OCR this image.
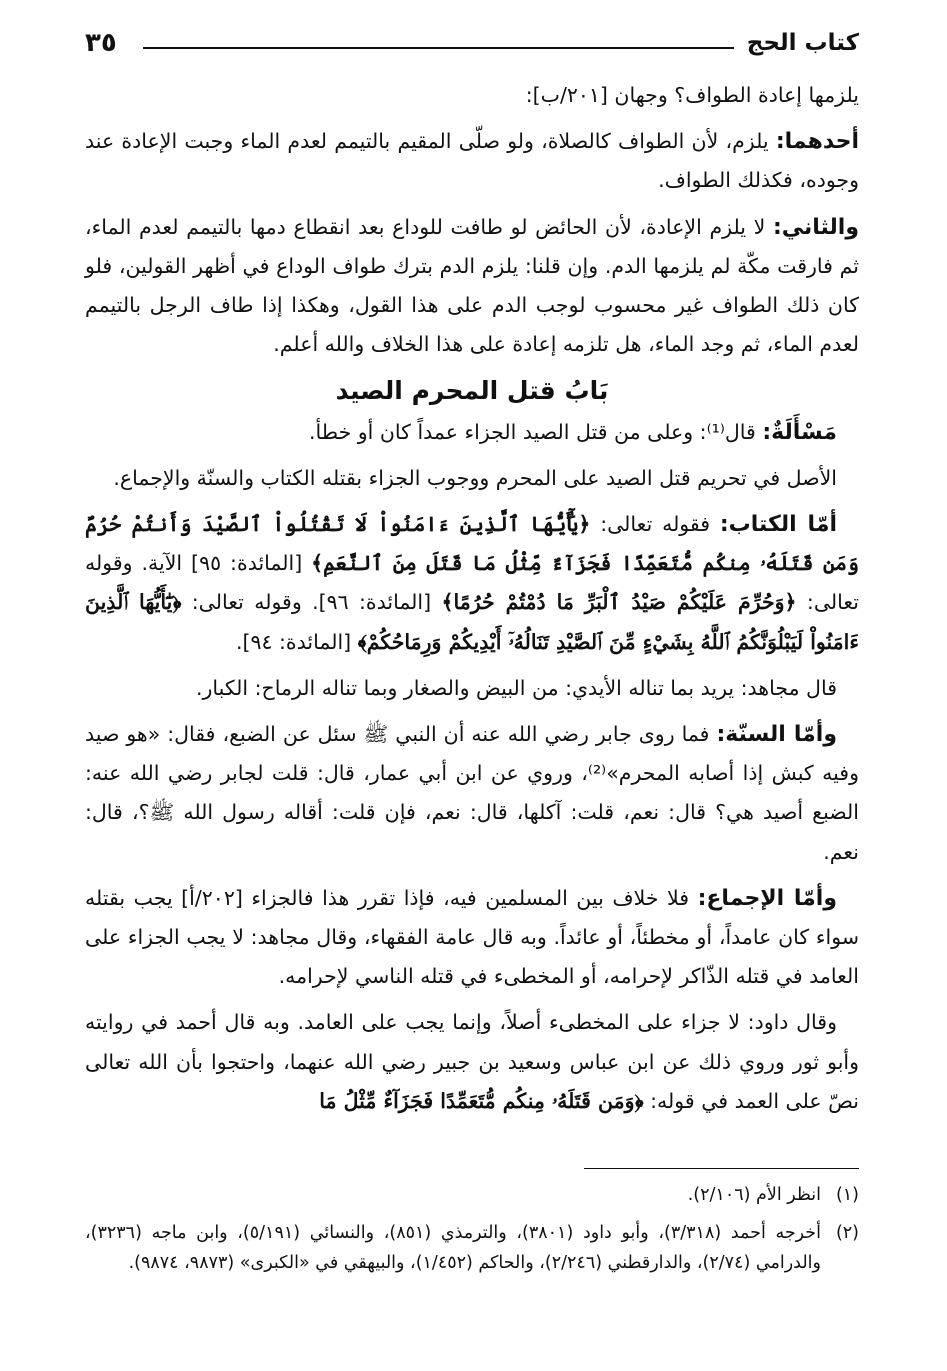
كتاب الحج
٣٥

يلزمها إعادة الطواف؟ وجهان [٢٠١/ب]:

أحدهما: يلزم، لأن الطواف كالصلاة، ولو صلّى المقيم بالتيمم لعدم الماء وجبت الإعادة عند وجوده، فكذلك الطواف.

والثاني: لا يلزم الإعادة، لأن الحائض لو طافت للوداع بعد انقطاع دمها بالتيمم لعدم الماء، ثم فارقت مكّة لم يلزمها الدم. وإن قلنا: يلزم الدم بترك طواف الوداع في أظهر القولين، فلو كان ذلك الطواف غير محسوب لوجب الدم على هذا القول، وهكذا إذا طاف الرجل بالتيمم لعدم الماء، ثم وجد الماء، هل تلزمه إعادة على هذا الخلاف والله أعلم.

بَابُ قتل المحرم الصيد

مَسْأَلَةٌ: قال⁽¹⁾: وعلى من قتل الصيد الجزاء عمداً كان أو خطأ.

الأصل في تحريم قتل الصيد على المحرم ووجوب الجزاء بقتله الكتاب والسنّة والإجماع.

أمّا الكتاب: فقوله تعالى: ﴿يَٰٓأَيُّهَا ٱلَّذِينَ ءَامَنُواْ لَا تَقْتُلُواْ ٱلصَّيْدَ وَأَنتُمْ حُرُمٌ وَمَن قَتَلَهُۥ مِنكُم مُّتَعَمِّدًا فَجَزَآءٌ مِّثْلُ مَا قَتَلَ مِنَ ٱلنَّعَمِ﴾ [المائدة: ٩٥] الآية. وقوله تعالى: ﴿وَحُرِّمَ عَلَيْكُمْ صَيْدُ ٱلْبَرِّ مَا دُمْتُمْ حُرُمًا﴾ [المائدة: ٩٦]. وقوله تعالى: ﴿يَٰٓأَيُّهَا ٱلَّذِينَ ءَامَنُواْ لَيَبْلُوَنَّكُمُ ٱللَّهُ بِشَيْءٍ مِّنَ ٱلصَّيْدِ تَنَالُهُۥٓ أَيْدِيكُمْ وَرِمَاحُكُمْ﴾ [المائدة: ٩٤].

قال مجاهد: يريد بما تناله الأيدي: من البيض والصغار وبما تناله الرماح: الكبار.

وأمّا السنّة: فما روى جابر رضي الله عنه أن النبي ﷺ سئل عن الضبع، فقال: «هو صيد وفيه كبش إذا أصابه المحرم»⁽²⁾، وروي عن ابن أبي عمار، قال: قلت لجابر رضي الله عنه: الضبع أصيد هي؟ قال: نعم، قلت: آكلها، قال: نعم، فإن قلت: أقاله رسول الله ﷺ؟، قال: نعم.

وأمّا الإجماع: فلا خلاف بين المسلمين فيه، فإذا تقرر هذا فالجزاء [٢٠٢/أ] يجب بقتله سواء كان عامداً، أو مخطئاً، أو عائداً. وبه قال عامة الفقهاء، وقال مجاهد: لا يجب الجزاء على العامد في قتله الذّاكر لإحرامه، أو المخطىء في قتله الناسي لإحرامه.

وقال داود: لا جزاء على المخطىء أصلاً، وإنما يجب على العامد. وبه قال أحمد في روايته وأبو ثور وروي ذلك عن ابن عباس وسعيد بن جبير رضي الله عنهما، واحتجوا بأن الله تعالى نصّ على العمد في قوله: ﴿وَمَن قَتَلَهُۥ مِنكُم مُّتَعَمِّدًا فَجَزَآءٌ مِّثْلُ مَا

(١)
انظر الأم (٢/١٠٦).
(٢)
أخرجه أحمد (٣/٣١٨)، وأبو داود (٣٨٠١)، والترمذي (٨٥١)، والنسائي (٥/١٩١)، وابن ماجه (٣٢٣٦)، والدرامي (٢/٧٤)، والدارقطني (٢/٢٤٦)، والحاكم (١/٤٥٢)، والبيهقي في «الكبرى» (٩٨٧٣، ٩٨٧٤).
